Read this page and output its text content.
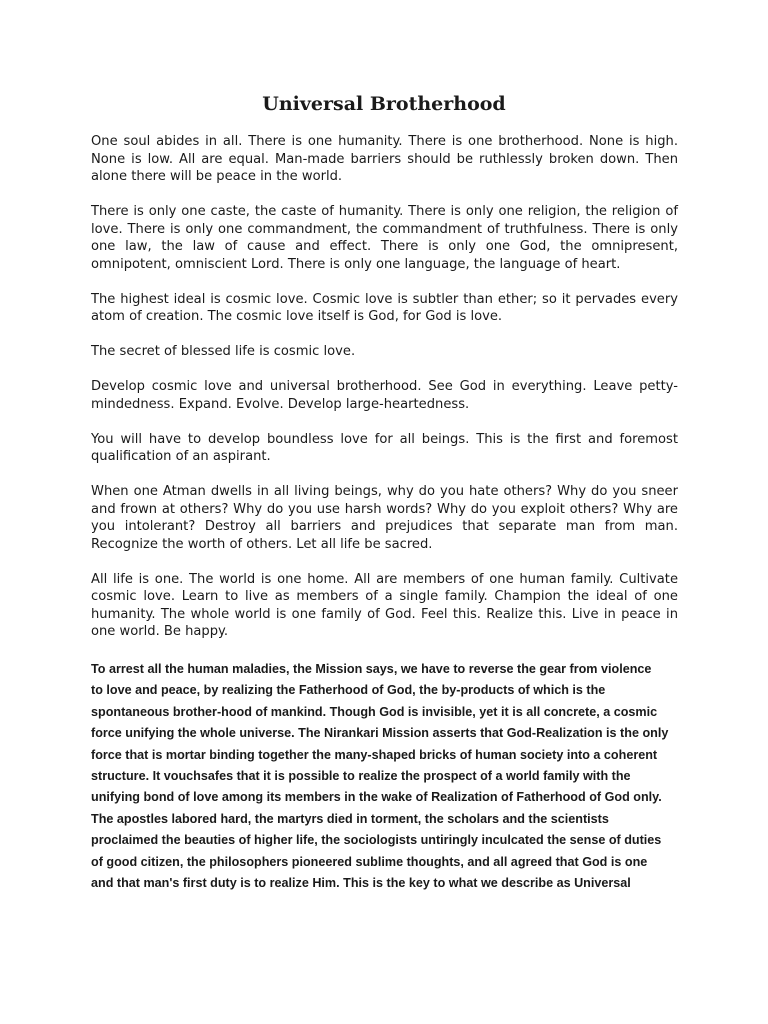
Universal Brotherhood

One soul abides in all. There is one humanity. There is one brotherhood. None is high. None is low. All are equal. Man-made barriers should be ruthlessly broken down. Then alone there will be peace in the world.

There is only one caste, the caste of humanity. There is only one religion, the religion of love. There is only one commandment, the commandment of truthfulness. There is only one law, the law of cause and effect. There is only one God, the omnipresent, omnipotent, omniscient Lord. There is only one language, the language of heart.

The highest ideal is cosmic love. Cosmic love is subtler than ether; so it pervades every atom of creation. The cosmic love itself is God, for God is love.

The secret of blessed life is cosmic love.

Develop cosmic love and universal brotherhood. See God in everything. Leave petty-mindedness. Expand. Evolve. Develop large-heartedness.

You will have to develop boundless love for all beings. This is the first and foremost qualification of an aspirant.

When one Atman dwells in all living beings, why do you hate others? Why do you sneer and frown at others? Why do you use harsh words? Why do you exploit others? Why are you intolerant? Destroy all barriers and prejudices that separate man from man. Recognize the worth of others. Let all life be sacred.

All life is one. The world is one home. All are members of one human family. Cultivate cosmic love. Learn to live as members of a single family. Champion the ideal of one humanity. The whole world is one family of God. Feel this. Realize this. Live in peace in one world. Be happy.

To arrest all the human maladies, the Mission says, we have to reverse the gear from violence
to love and peace, by realizing the Fatherhood of God, the by-products of which is the
spontaneous brother-hood of mankind. Though God is invisible, yet it is all concrete, a cosmic
force unifying the whole universe. The Nirankari Mission asserts that God-Realization is the only
force that is mortar binding together the many-shaped bricks of human society into a coherent
structure. It vouchsafes that it is possible to realize the prospect of a world family with the
unifying bond of love among its members in the wake of Realization of Fatherhood of God only.
The apostles labored hard, the martyrs died in torment, the scholars and the scientists
proclaimed the beauties of higher life, the sociologists untiringly inculcated the sense of duties
of good citizen, the philosophers pioneered sublime thoughts, and all agreed that God is one
and that man's first duty is to realize Him. This is the key to what we describe as Universal
